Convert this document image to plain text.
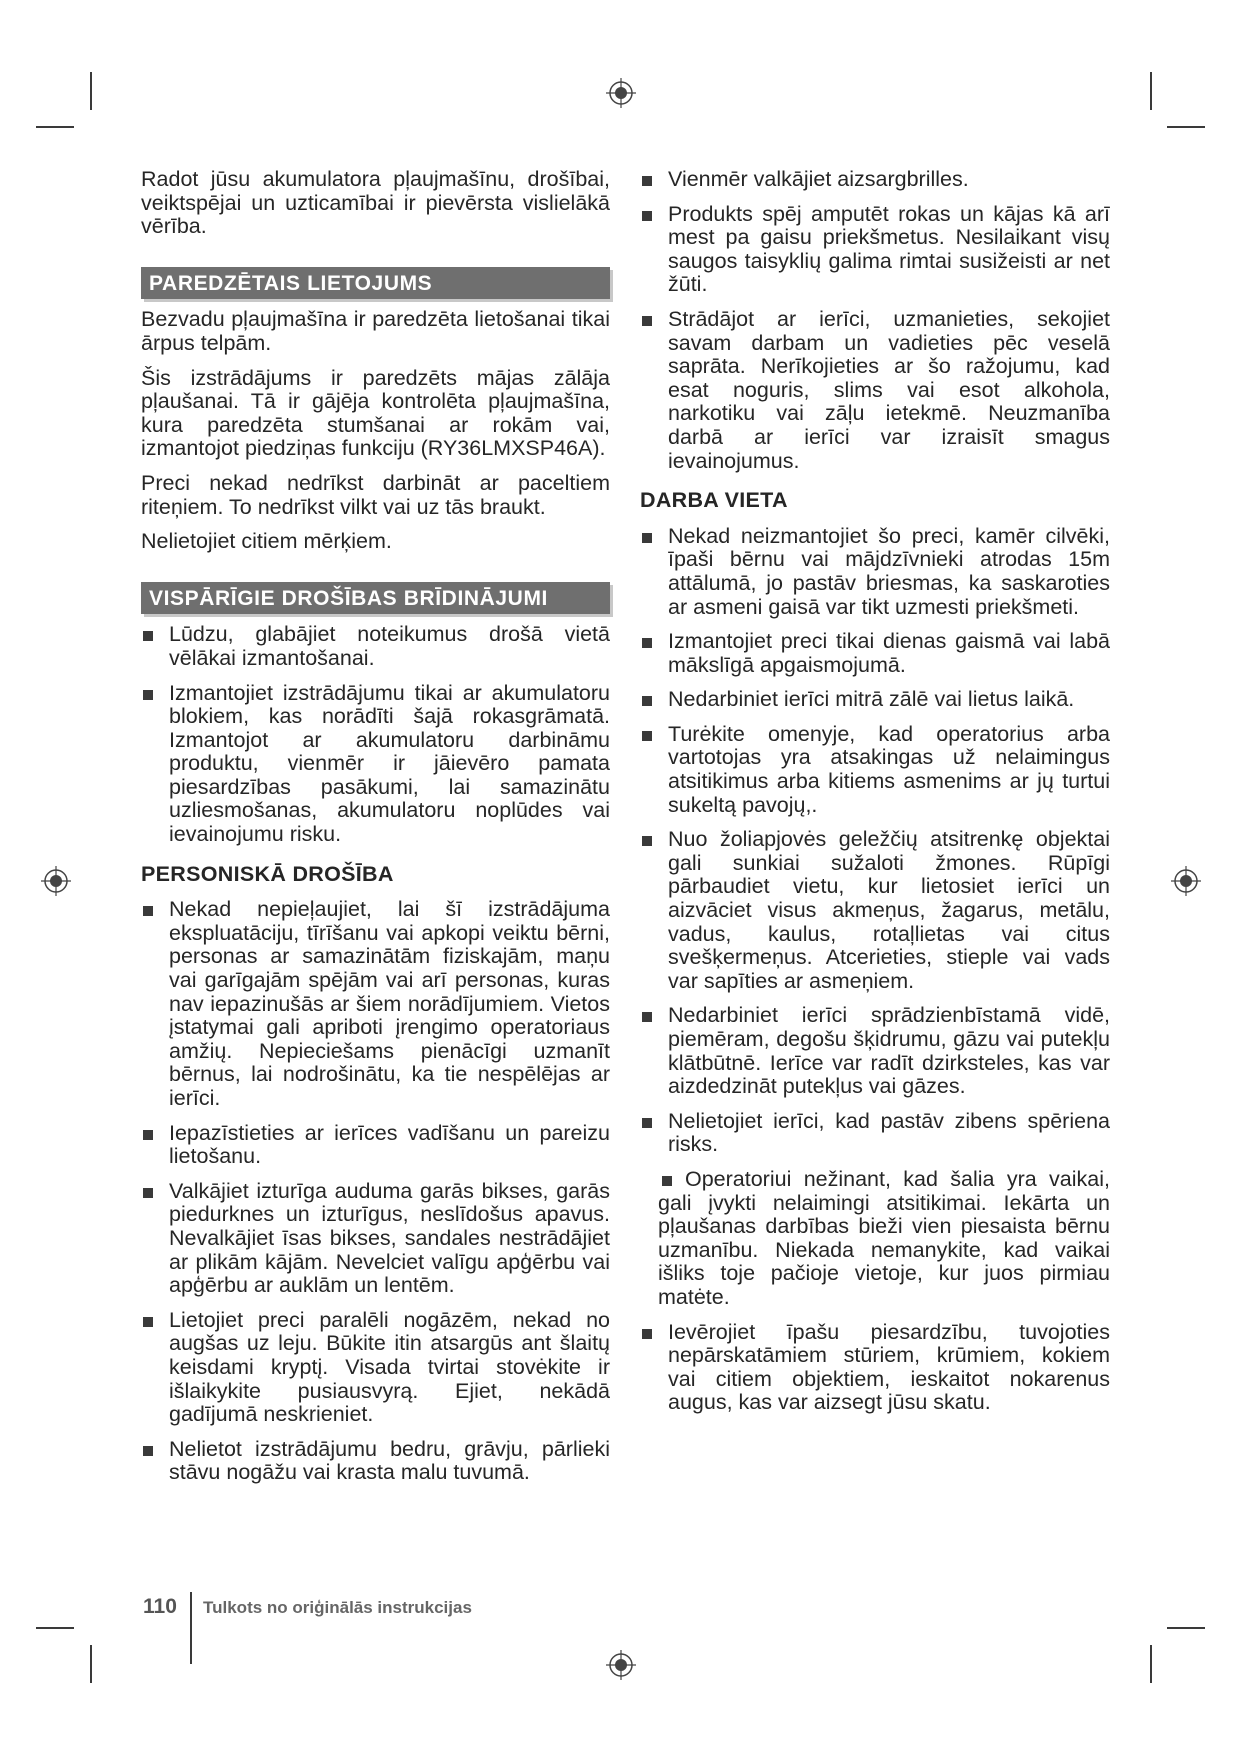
Radot jūsu akumulatora pļaujmašīnu, drošībai, veiktspējai un uzticamībai ir pievērsta vislielākā vērība.

PAREDZĒTAIS LIETOJUMS

Bezvadu pļaujmašīna ir paredzēta lietošanai tikai ārpus telpām.

Šis izstrādājums ir paredzēts mājas zālāja pļaušanai. Tā ir gājēja kontrolēta pļaujmašīna, kura paredzēta stumšanai ar rokām vai, izmantojot piedziņas funkciju (RY36LMXSP46A).

Preci nekad nedrīkst darbināt ar paceltiem riteņiem. To nedrīkst vilkt vai uz tās braukt.

Nelietojiet citiem mērķiem.

VISPĀRĪGIE DROŠĪBAS BRĪDINĀJUMI
Lūdzu, glabājiet noteikumus drošā vietā vēlākai izmantošanai.
Izmantojiet izstrādājumu tikai ar akumulatoru blokiem, kas norādīti šajā rokasgrāmatā. Izmantojot ar akumulatoru darbināmu produktu, vienmēr ir jāievēro pamata piesardzības pasākumi, lai samazinātu uzliesmošanas, akumulatoru noplūdes vai ievainojumu risku.
PERSONISKĀ DROŠĪBA
Nekad nepieļaujiet, lai šī izstrādājuma ekspluatāciju, tīrīšanu vai apkopi veiktu bērni, personas ar samazinātām fiziskajām, maņu vai garīgajām spējām vai arī personas, kuras nav iepazinušās ar šiem norādījumiem. Vietos įstatymai gali apriboti įrengimo operatoriaus amžių. Nepieciešams pienācīgi uzmanīt bērnus, lai nodrošinātu, ka tie nespēlējas ar ierīci.
Iepazīstieties ar ierīces vadīšanu un pareizu lietošanu.
Valkājiet izturīga auduma garās bikses, garās piedurknes un izturīgus, neslīdošus apavus. Nevalkājiet īsas bikses, sandales nestrādājiet ar plikām kājām. Nevelciet valīgu apģērbu vai apģērbu ar auklām un lentēm.
Lietojiet preci paralēli nogāzēm, nekad no augšas uz leju. Būkite itin atsargūs ant šlaitų keisdami kryptį. Visada tvirtai stovėkite ir išlaikykite pusiausvyrą. Ejiet, nekādā gadījumā neskrieniet.
Nelietot izstrādājumu bedru, grāvju, pārlieki stāvu nogāžu vai krasta malu tuvumā.
Vienmēr valkājiet aizsargbrilles.
Produkts spēj amputēt rokas un kājas kā arī mest pa gaisu priekšmetus. Nesilaikant visų saugos taisyklių galima rimtai susižeisti ar net žūti.
Strādājot ar ierīci, uzmanieties, sekojiet savam darbam un vadieties pēc veselā saprāta. Nerīkojieties ar šo ražojumu, kad esat noguris, slims vai esot alkohola, narkotiku vai zāļu ietekmē. Neuzmanība darbā ar ierīci var izraisīt smagus ievainojumus.
DARBA VIETA
Nekad neizmantojiet šo preci, kamēr cilvēki, īpaši bērnu vai mājdzīvnieki atrodas 15m attālumā, jo pastāv briesmas, ka saskaroties ar asmeni gaisā var tikt uzmesti priekšmeti.
Izmantojiet preci tikai dienas gaismā vai labā mākslīgā apgaismojumā.
Nedarbiniet ierīci mitrā zālē vai lietus laikā.
Turėkite omenyje, kad operatorius arba vartotojas yra atsakingas už nelaimingus atsitikimus arba kitiems asmenims ar jų turtui sukeltą pavojų,.
Nuo žoliapjovės geležčių atsitrenkę objektai gali sunkiai sužaloti žmones. Rūpīgi pārbaudiet vietu, kur lietosiet ierīci un aizvāciet visus akmeņus, žagarus, metālu, vadus, kaulus, rotaļlietas vai citus svešķermeņus. Atcerieties, stieple vai vads var sapīties ar asmeņiem.
Nedarbiniet ierīci sprādzienbīstamā vidē, piemēram, degošu šķidrumu, gāzu vai putekļu klātbūtnē. Ierīce var radīt dzirksteles, kas var aizdedzināt putekļus vai gāzes.
Nelietojiet ierīci, kad pastāv zibens spēriena risks.
Operatoriui nežinant, kad šalia yra vaikai, gali įvykti nelaimingi atsitikimai. Iekārta un pļaušanas darbības bieži vien piesaista bērnu uzmanību. Niekada nemanykite, kad vaikai išliks toje pačioje vietoje, kur juos pirmiau matėte.
Ievērojiet īpašu piesardzību, tuvojoties nepārskatāmiem stūriem, krūmiem, kokiem vai citiem objektiem, ieskaitot nokarenus augus, kas var aizsegt jūsu skatu.
110 Tulkots no oriģinālās instrukcijas
